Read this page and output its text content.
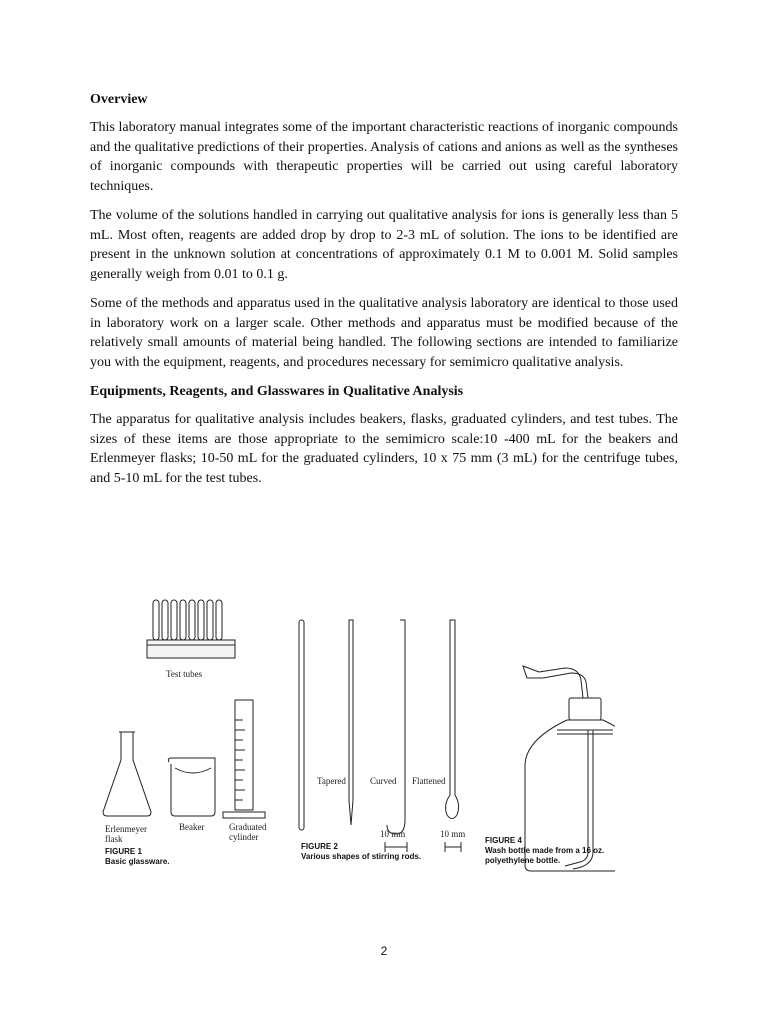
Overview

This laboratory manual integrates some of the important characteristic reactions of inorganic compounds and the qualitative predictions of their properties. Analysis of cations and anions as well as the syntheses of inorganic compounds with therapeutic properties will be carried out using careful laboratory techniques.

The volume of the solutions handled in carrying out qualitative analysis for ions is generally less than 5 mL. Most often, reagents are added drop by drop to 2-3 mL of solution. The ions to be identified are present in the unknown solution at concentrations of approximately 0.1 M to 0.001 M. Solid samples generally weigh from 0.01 to 0.1 g.

Some of the methods and apparatus used in the qualitative analysis laboratory are identical to those used in laboratory work on a larger scale. Other methods and apparatus must be modified because of the relatively small amounts of material being handled. The following sections are intended to familiarize you with the equipment, reagents, and procedures necessary for semimicro qualitative analysis.

Equipments, Reagents, and Glasswares in Qualitative Analysis

The apparatus for qualitative analysis includes beakers, flasks, graduated cylinders, and test tubes. The sizes of these items are those appropriate to the semimicro scale:10 -400 mL for the beakers and Erlenmeyer flasks; 10-50 mL for the graduated cylinders, 10 x 75 mm (3 mL) for the centrifuge tubes, and 5-10 mL for the test tubes.

Test tubes
Erlenmeyer
flask
Beaker	Graduated
cylinder
FIGURE 1
Basic glassware.
Tapered	Curved Flattened
10 mm	10 mm
FIGURE 2
Various shapes of stirring rods.
FIGURE 4
Wash bottle made from a 16 oz.
polyethylene bottle.
2
